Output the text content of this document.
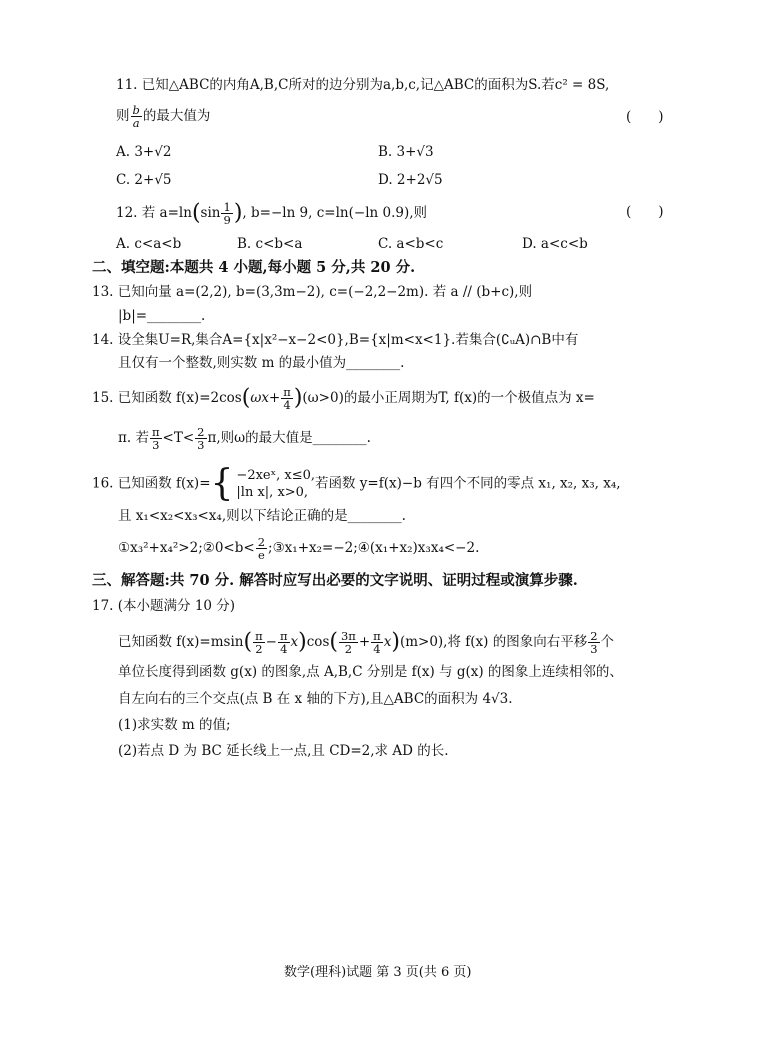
11. 已知△ABC的内角A,B,C所对的边分别为a,b,c,记△ABC的面积为S.若c² = 8S,
则 $\frac{b}{a}$ 的最大值为	(　　)
A. 3+√2	B. 3+√3
C. 2+√5	D. 2+2√5
12. 若 $a=\ln(\sin \frac{1}{9}$ ), b=−ln 9, c=ln(−ln 0.9),则	(　　)
A. c<a<b	B. c<b<a	C. a<b<c	D. a<c<b
二、填空题:本题共 4 小题,每小题 5 分,共 20 分.
13. 已知向量 a=(2,2), b=(3,3m−2), c=(−2,2−2m). 若 a // (b+c),则
|b|=________.
14. 设全集U=R,集合A={x|x²−x−2<0},B={x|m<x<1}.若集合(∁ᵤA)∩B中有
且仅有一个整数,则实数 m 的最小值为________.
15. 已知函数 $f(x)=2\cos(\omega x+ \frac{\pi}{4} )(\omega>0)$的最小正周期为T, f(x)的一个极值点为 x=
π. 若 $\frac{\pi}{3} <T< \frac{2}{3} \pi$,则ω的最大值是________.
16. 已知函数 f(x)= { −2xeˣ, x≤0,
|ln x|, x>0,
若函数 y=f(x)−b 有四个不同的零点 x₁, x₂, x₃, x₄,
且 x₁<x₂<x₃<x₄,则以下结论正确的是________.
①x₃²+x₄²>2;②0<b< $\frac{2}{e}$ ;③x₁+x₂=−2;④(x₁+x₂)x₃x₄<−2.
三、解答题:共 70 分. 解答时应写出必要的文字说明、证明过程或演算步骤.
17. (本小题满分 10 分)
已知函数 $f(x)=msin( \frac{\pi}{2} - \frac{\pi}{4} x)\cos( \frac{3\pi}{2} + \frac{\pi}{4} x)(m>0)$,将 f(x) 的图象向右平移 $\frac{2}{3}$ 个
单位长度得到函数 g(x) 的图象,点 A,B,C 分别是 f(x) 与 g(x) 的图象上连续相邻的、
自左向右的三个交点(点 B 在 x 轴的下方),且△ABC的面积为 4√3.
(1)求实数 m 的值;
(2)若点 D 为 BC 延长线上一点,且 CD=2,求 AD 的长.
数学(理科)试题 第 3 页(共 6 页)
